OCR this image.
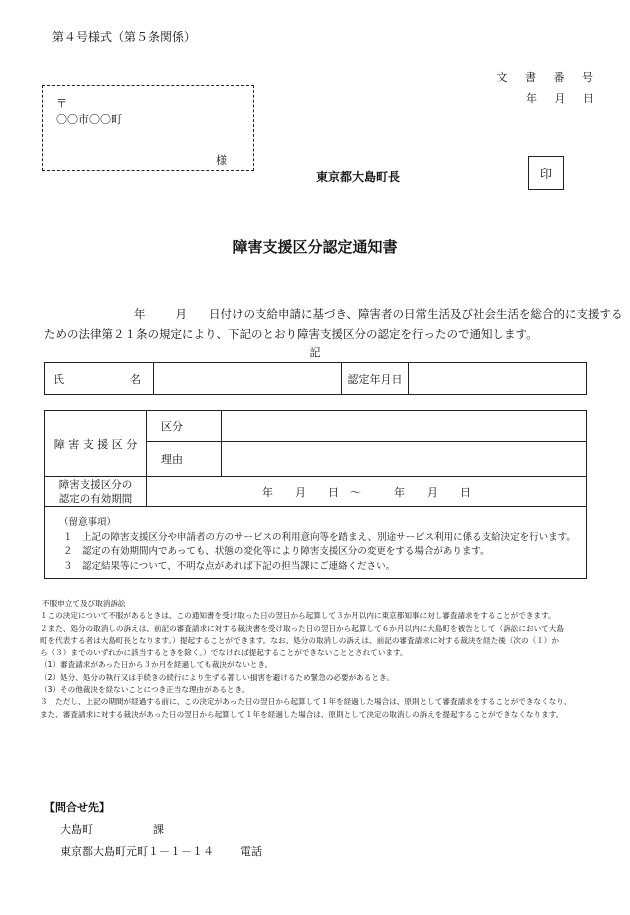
第４号様式（第５条関係）
文 書 番 号
年 月 日
〒
〇〇市〇〇町
様
東京都大島町長	印
障害支援区分認定通知書
年	月 日付けの支給申請に基づき、障害者の日常生活及び社会生活を総合的に支援する
ための法律第２１条の規定により、下記のとおり障害支援区分の認定を行ったので通知します。
記
氏　　　　　　名		認定年月日	
障 害 支 援 区 分	区分	
	理由	

障害支援区分の
認定の有効期間	年　　月　　日　～　　　年　　月　　日	
（留意事項）
１　上記の障害支援区分や申請者の方のサービスの利用意向等を踏まえ、別途サービス利用に係る支給決定を行います。
２　認定の有効期間内であっても、状態の変化等により障害支援区分の変更をする場合があります。
３　認定結果等について、不明な点があれば下記の担当課にご連絡ください。
不服申立て及び取消訴訟
１この決定について不服があるときは、この通知書を受け取った日の翌日から起算して３か月以内に東京都知事に対し審査請求をすることができます。
２また、処分の取消しの訴えは、前記の審査請求に対する裁決書を受け取った日の翌日から起算して６か月以内に大島町を被告として（訴訟において大島
町を代表する者は大島町長となります。）提起することができます。なお、処分の取消しの訴えは、前記の審査請求に対する裁決を経た後（次の（１）か
ら（３）までのいずれかに該当するときを除く。）でなければ提起することができないこととされています。
（1）審査請求があった日から３か月を経過しても裁決がないとき。
（2）処分、処分の執行又は手続きの続行により生ずる著しい損害を避けるため緊急の必要があるとき。
（3）その他裁決を経ないことにつき正当な理由があるとき。
３　ただし、上記の期間が経過する前に、この決定があった日の翌日から起算して１年を経過した場合は、原則として審査請求をすることができなくなり、
また、審査請求に対する裁決があった日の翌日から起算して１年を経過した場合は、原則として決定の取消しの訴えを提起することができなくなります。
【問合せ先】
大島町	課
東京都大島町元町１－１－１４ 電話
